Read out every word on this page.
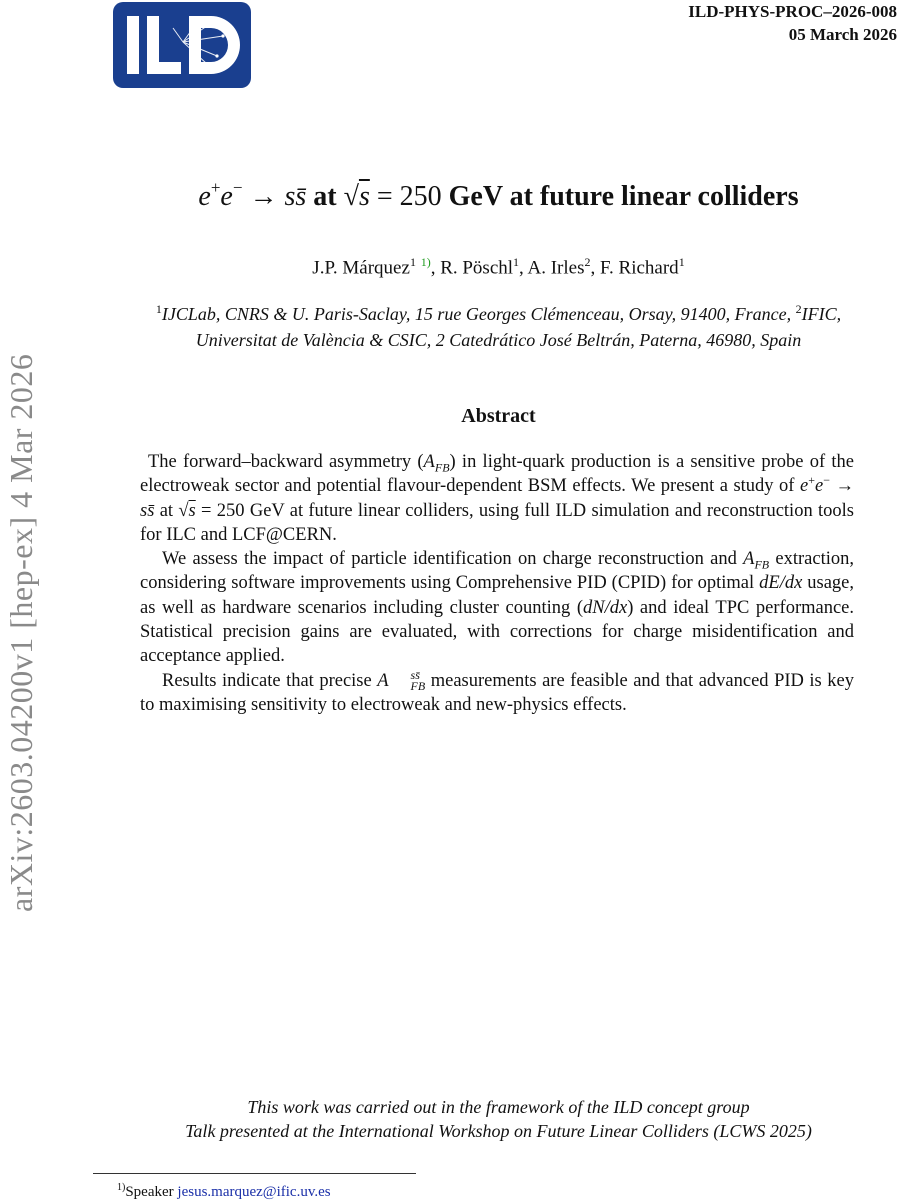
ILD-PHYS-PROC–2026-008
05 March 2026
arXiv:2603.04200v1 [hep-ex] 4 Mar 2026
e+e− → ss̄ at √s = 250 GeV at future linear colliders
J.P. Márquez$^1$ $^{1)}$, R. Pöschl$^1$, A. Irles$^2$, F. Richard$^1$
$^1$IJCLab, CNRS & U. Paris-Saclay, 15 rue Georges Clémenceau, Orsay, 91400, France, $^2$IFIC,
Universitat de València & CSIC, 2 Catedrático José Beltrán, Paterna, 46980, Spain
Abstract

The forward–backward asymmetry $(A_{FB})$ in light-quark production is a sensitive probe of the electroweak sector and potential flavour-dependent BSM effects. We present a study of e+e− → ss̄ at √s = 250 GeV at future linear colliders, using full ILD simulation and reconstruction tools for ILC and LCF@CERN.

We assess the impact of particle identification on charge reconstruction and $A_{FB}$ extraction, considering software improvements using Comprehensive PID (CPID) for optimal dE/dx usage, as well as hardware scenarios including cluster counting (dN/dx) and ideal TPC performance. Statistical precision gains are evaluated, with corrections for charge misidentification and acceptance applied.

Results indicate that precise A	ss̄
FB measurements are feasible and that advanced PID is key to maximising sensitivity to electroweak and new-physics effects.

This work was carried out in the framework of the ILD concept group
Talk presented at the International Workshop on Future Linear Colliders (LCWS 2025)
$^{1)}$Speaker jesus.marquez@ific.uv.es
